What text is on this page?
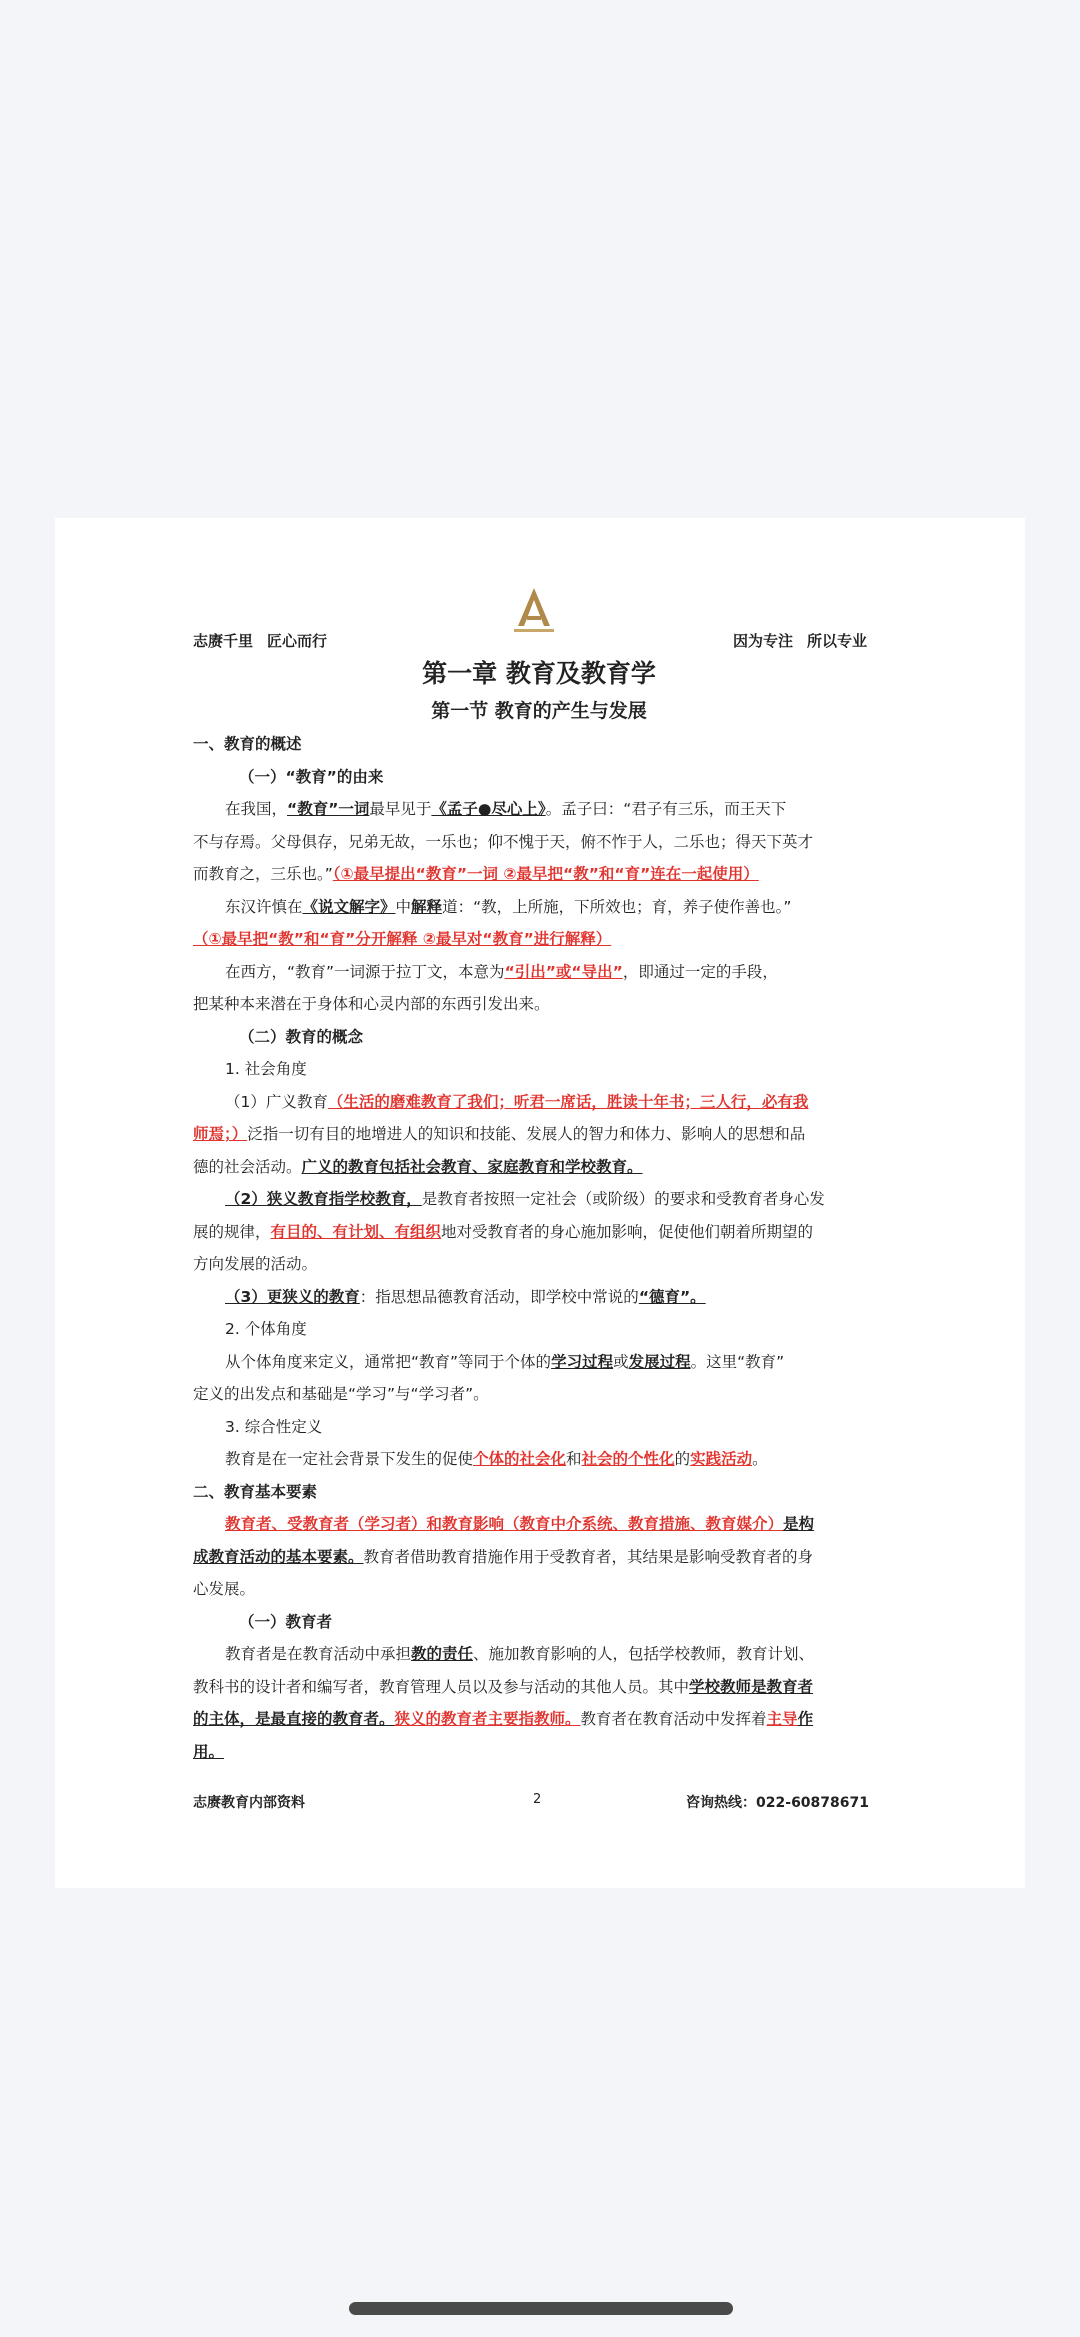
志赓千里 匠心而行	因为专注 所以专业
第一章 教育及教育学
第一节 教育的产生与发展
一、教育的概述
（一）“教育”的由来
在我国，“教育”一词最早见于《孟子●尽心上》。孟子曰：“君子有三乐，而王天下
不与存焉。父母俱存，兄弟无故，一乐也；仰不愧于天，俯不怍于人，二乐也；得天下英才
而教育之，三乐也。”（①最早提出“教育”一词 ②最早把“教”和“育”连在一起使用）
东汉许慎在《说文解字》中解释道：“教，上所施，下所效也；育，养子使作善也。”
（①最早把“教”和“育”分开解释 ②最早对“教育”进行解释）
在西方，“教育”一词源于拉丁文，本意为“引出”或“导出”，即通过一定的手段，
把某种本来潜在于身体和心灵内部的东西引发出来。
（二）教育的概念
1. 社会角度
（1）广义教育（生活的磨难教育了我们；听君一席话，胜读十年书；三人行，必有我
师焉；）泛指一切有目的地增进人的知识和技能、发展人的智力和体力、影响人的思想和品
德的社会活动。广义的教育包括社会教育、家庭教育和学校教育。
（2）狭义教育指学校教育，是教育者按照一定社会（或阶级）的要求和受教育者身心发
展的规律，有目的、有计划、有组织地对受教育者的身心施加影响，促使他们朝着所期望的
方向发展的活动。
（3）更狭义的教育：指思想品德教育活动，即学校中常说的“德育”。
2. 个体角度
从个体角度来定义，通常把“教育”等同于个体的学习过程或发展过程。这里“教育”
定义的出发点和基础是“学习”与“学习者”。
3. 综合性定义
教育是在一定社会背景下发生的促使个体的社会化和社会的个性化的实践活动。
二、教育基本要素
教育者、受教育者（学习者）和教育影响（教育中介系统、教育措施、教育媒介）是构
成教育活动的基本要素。教育者借助教育措施作用于受教育者，其结果是影响受教育者的身
心发展。
（一）教育者
教育者是在教育活动中承担教的责任、施加教育影响的人，包括学校教师，教育计划、
教科书的设计者和编写者，教育管理人员以及参与活动的其他人员。其中学校教师是教育者
的主体，是最直接的教育者。狭义的教育者主要指教师。教育者在教育活动中发挥着主导作
用。
志赓教育内部资料	2	咨询热线：022-60878671
